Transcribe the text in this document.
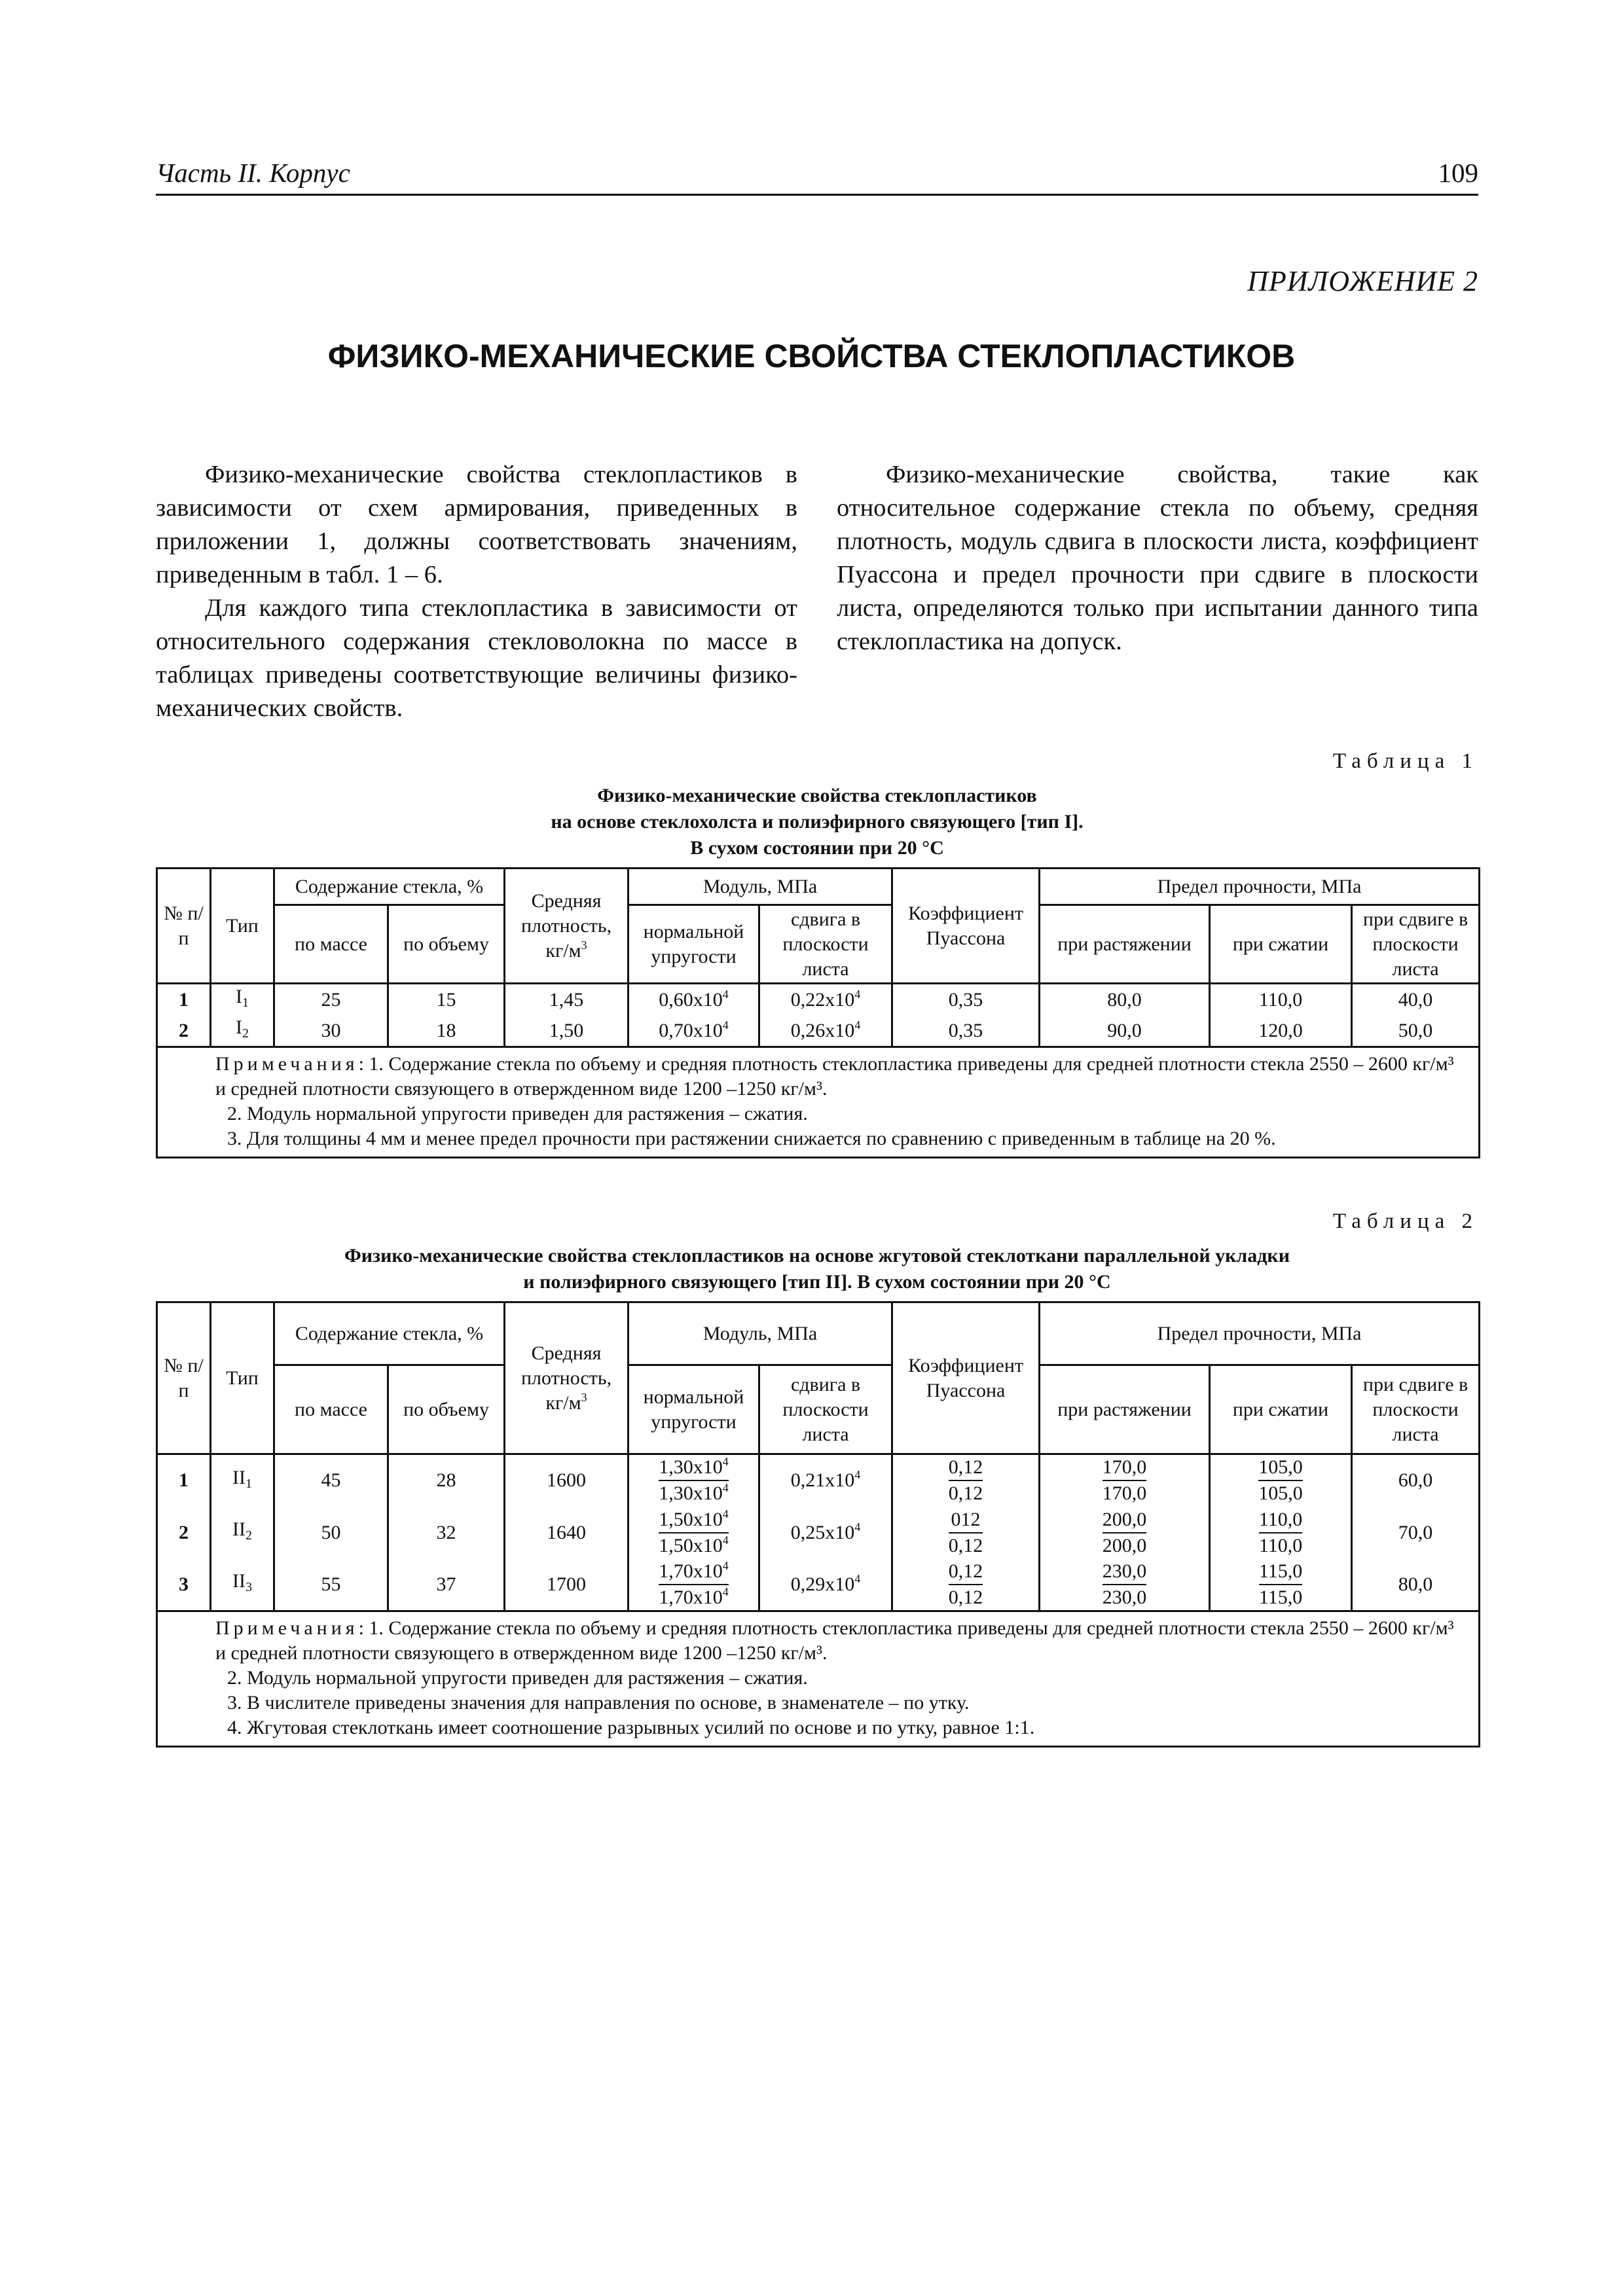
Часть II. Корпус	109
ПРИЛОЖЕНИЕ 2
ФИЗИКО-МЕХАНИЧЕСКИЕ СВОЙСТВА СТЕКЛОПЛАСТИКОВ

Физико-механические свойства стеклопластиков в зависимости от схем армирования, приведенных в приложении 1, должны соответствовать значениям, приведенным в табл. 1 – 6.

Для каждого типа стеклопластика в зависимости от относительного содержания стекловолокна по массе в таблицах приведены соответствующие величины физико-механических свойств.

Физико-механические свойства, такие как относительное содержание стекла по объему, средняя плотность, модуль сдвига в плоскости листа, коэффициент Пуассона и предел прочности при сдвиге в плоскости листа, определяются только при испытании данного типа стеклопластика на допуск.

Таблица 1
Физико-механические свойства стеклопластиков
на основе стеклохолста и полиэфирного связующего [тип I].
В сухом состоянии при 20 °С
№ п/п	Тип	Содержание стекла, %		Средняя плотность, $кг/м^3$	Модуль, МПа		Коэффициент Пуассона	Предел прочности, МПа		
		по массе	по объему		нормальной упругости	сдвига в плоскости листа		при растяжении	при сжатии	при сдвиге в плоскости листа
1	$I_1$	25	15	1,45	$0,60x10^4$	$0,22x10^4$	0,35	80,0	110,0	40,0
2	$I_2$	30	18	1,50	$0,70x10^4$	$0,26x10^4$	0,35	90,0	120,0	50,0

Примечания: 1. Содержание стекла по объему и средняя плотность стеклопластика приведены для средней плотности стекла 2550 – 2600 кг/м³ и средней плотности связующего в отвержденном виде 1200 –1250 кг/м³.
2. Модуль нормальной упругости приведен для растяжения – сжатия.
3. Для толщины 4 мм и менее предел прочности при растяжении снижается по сравнению с приведенным в таблице на 20 %.										
Таблица 2
Физико-механические свойства стеклопластиков на основе жгутовой стеклоткани параллельной укладки
и полиэфирного связующего [тип II]. В сухом состоянии при 20 °С
№ п/п	Тип	Содержание стекла, %		Средняя плотность, $кг/м^3$	Модуль, МПа		Коэффициент Пуассона	Предел прочности, МПа		
		по массе	по объему		нормальной упругости	сдвига в плоскости листа		при растяжении	при сжатии	при сдвиге в плоскости листа
1	$II_1$	45	28	1600	$\frac{1,30x10^4}{1,30x10^4}$	$0,21x10^4$	$\frac{0,12}{0,12}$	$\frac{170,0}{170,0}$	$\frac{105,0}{105,0}$	60,0
2	$II_2$	50	32	1640	$\frac{1,50x10^4}{1,50x10^4}$	$0,25x10^4$	$\frac{012}{0,12}$	$\frac{200,0}{200,0}$	$\frac{110,0}{110,0}$	70,0
3	$II_3$	55	37	1700	$\frac{1,70x10^4}{1,70x10^4}$	$0,29x10^4$	$\frac{0,12}{0,12}$	$\frac{230,0}{230,0}$	$\frac{115,0}{115,0}$	80,0

Примечания: 1. Содержание стекла по объему и средняя плотность стеклопластика приведены для средней плотности стекла 2550 – 2600 кг/м³ и средней плотности связующего в отвержденном виде 1200 –1250 кг/м³.
2. Модуль нормальной упругости приведен для растяжения – сжатия.
3. В числителе приведены значения для направления по основе, в знаменателе – по утку.
4. Жгутовая стеклоткань имеет соотношение разрывных усилий по основе и по утку, равное 1:1.										
